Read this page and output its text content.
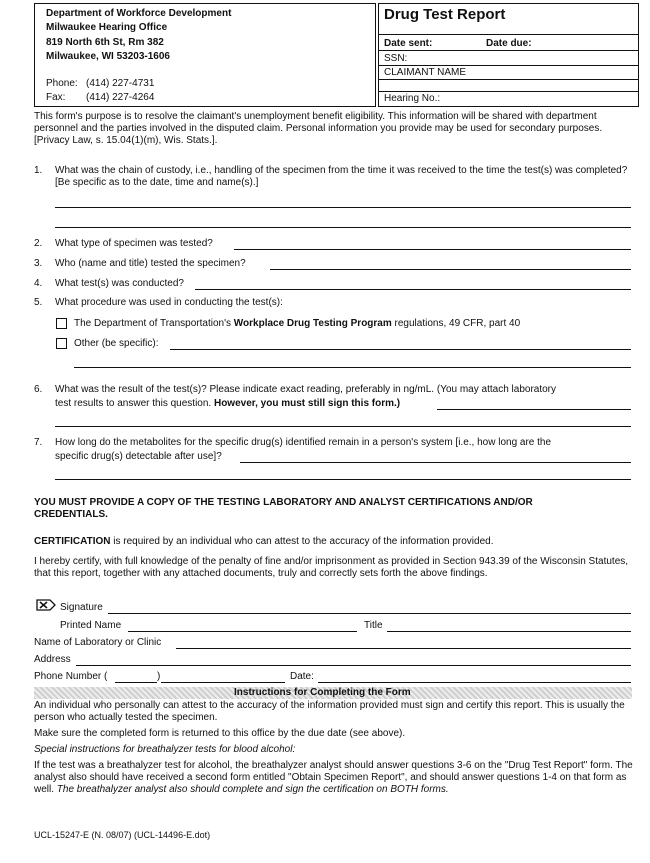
Department of Workforce Development
Milwaukee Hearing Office
819 North 6th St, Rm 382
Milwaukee, WI 53203-1606
Phone: (414) 227-4731
Fax: (414) 227-4264
Drug Test Report
Date sent:	Date due:
SSN:
CLAIMANT NAME
Hearing No.:
This form's purpose is to resolve the claimant's unemployment benefit eligibility. This information will be shared with department personnel and the parties involved in the disputed claim. Personal information you provide may be used for secondary purposes. [Privacy Law, s. 15.04(1)(m), Wis. Stats.].
1. What was the chain of custody, i.e., handling of the specimen from the time it was received to the time the test(s) was completed? [Be specific as to the date, time and name(s).]
2. What type of specimen was tested?
3. Who (name and title) tested the specimen?
4. What test(s) was conducted?
5. What procedure was used in conducting the test(s):
The Department of Transportation's Workplace Drug Testing Program regulations, 49 CFR, part 40
Other (be specific):
6. What was the result of the test(s)? Please indicate exact reading, preferably in ng/mL. (You may attach laboratory
test results to answer this question. However, you must still sign this form.)
7. How long do the metabolites for the specific drug(s) identified remain in a person's system [i.e., how long are the
specific drug(s) detectable after use]?
YOU MUST PROVIDE A COPY OF THE TESTING LABORATORY AND ANALYST CERTIFICATIONS AND/OR CREDENTIALS.
CERTIFICATION is required by an individual who can attest to the accuracy of the information provided.
I hereby certify, with full knowledge of the penalty of fine and/or imprisonment as provided in Section 943.39 of the Wisconsin Statutes, that this report, together with any attached documents, truly and correctly sets forth the above findings.
Signature
Printed Name	Title
Name of Laboratory or Clinic
Address
Phone Number (	)	Date:
Instructions for Completing the Form
An individual who personally can attest to the accuracy of the information provided must sign and certify this report. This is usually the person who actually tested the specimen.
Make sure the completed form is returned to this office by the due date (see above).
Special instructions for breathalyzer tests for blood alcohol:
If the test was a breathalyzer test for alcohol, the breathalyzer analyst should answer questions 3-6 on the "Drug Test Report" form. The analyst also should have received a second form entitled "Obtain Specimen Report", and should answer questions 1-4 on that form as well. The breathalyzer analyst also should complete and sign the certification on BOTH forms.
UCL-15247-E (N. 08/07) (UCL-14496-E.dot)
